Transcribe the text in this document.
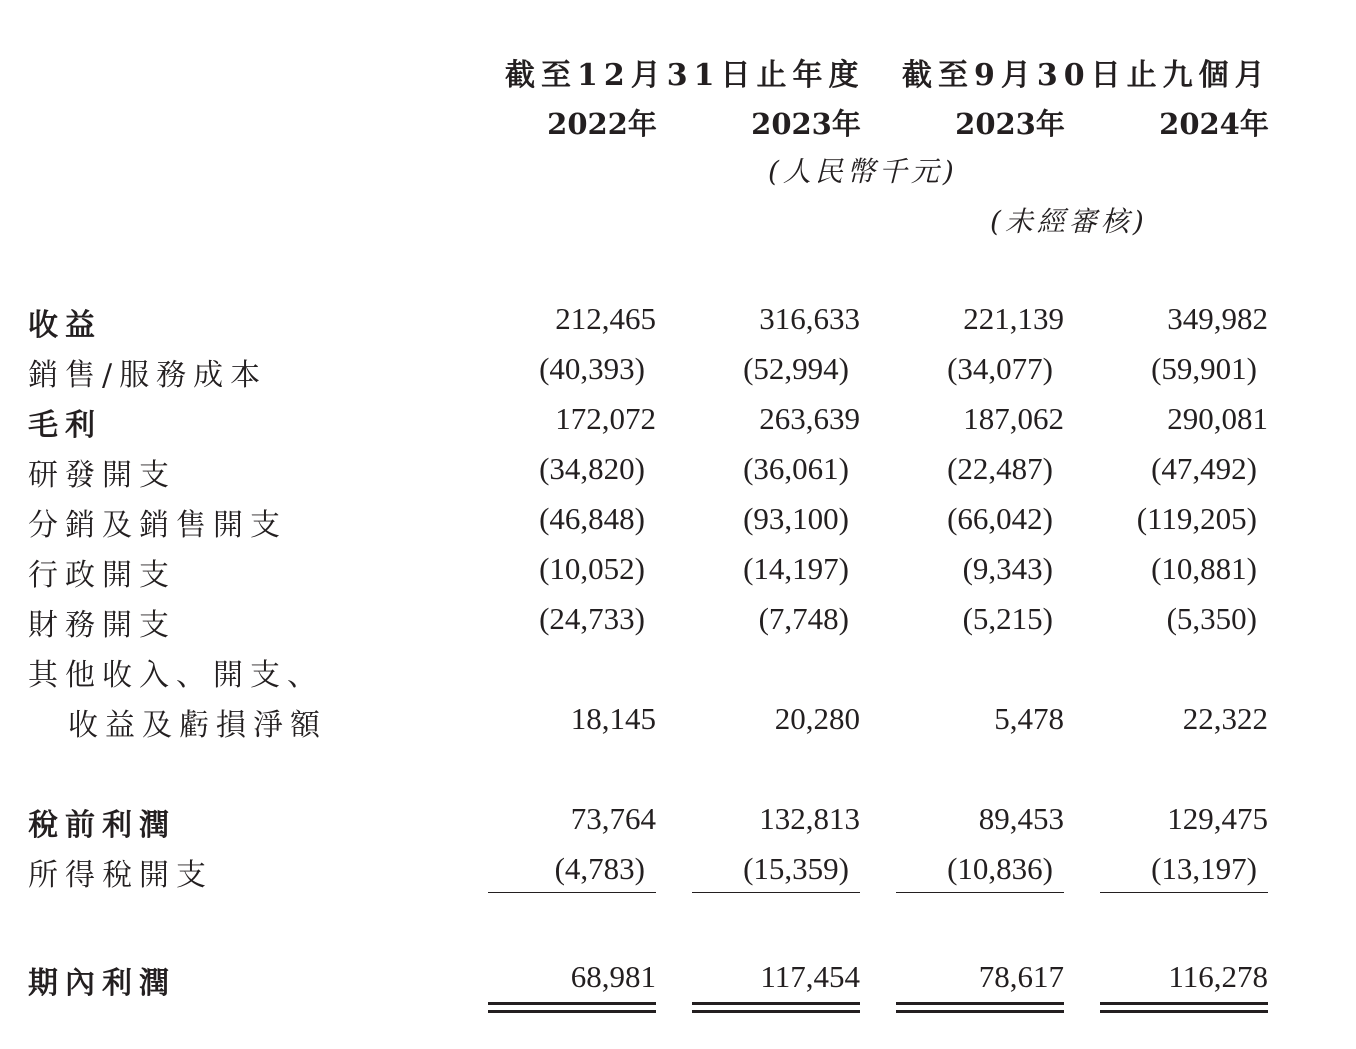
截至12月31日止年度 截至9月30日止九個月
2022年	2023年	2023年	2024年
(人民幣千元)
(未經審核)
收益	212,465	316,633	221,139	349,982
銷售/服務成本	(40,393)	(52,994)	(34,077)	(59,901)
毛利	172,072	263,639	187,062	290,081
研發開支	(34,820)	(36,061)	(22,487)	(47,492)
分銷及銷售開支	(46,848)	(93,100)	(66,042)	(119,205)
行政開支	(10,052)	(14,197)	(9,343)	(10,881)
財務開支	(24,733)	(7,748)	(5,215)	(5,350)
其他收入、開支、
收益及虧損淨額	18,145	20,280	5,478	22,322
稅前利潤	73,764	132,813	89,453	129,475
所得稅開支	(4,783)	(15,359)	(10,836)	(13,197)
期內利潤	68,981	117,454	78,617	116,278
